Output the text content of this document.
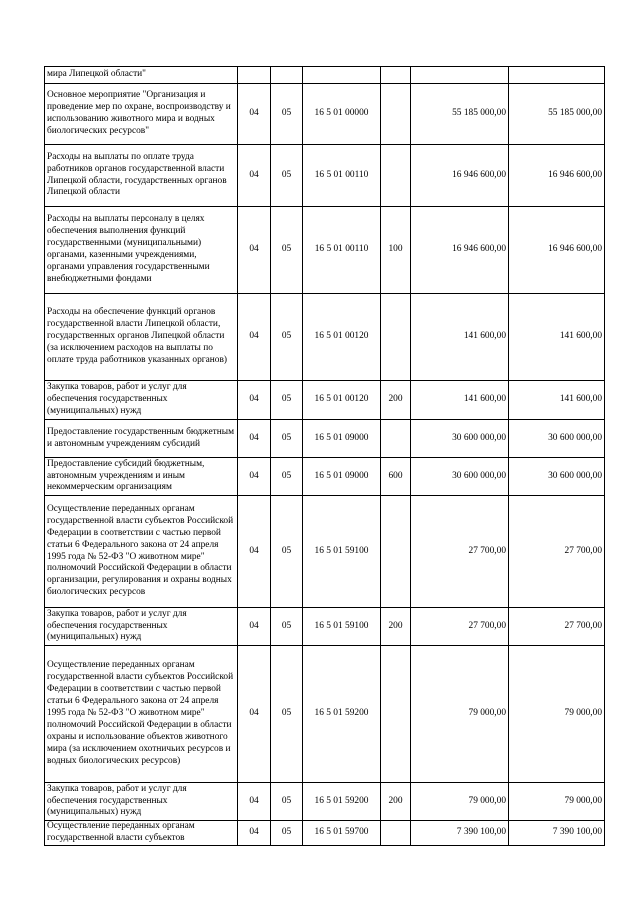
мира Липецкой области"						
Основное мероприятие "Организация и проведение мер по охране, воспроизводству и использованию животного мира и водных биологических ресурсов"	04	05	16 5 01 00000		55 185 000,00	55 185 000,00
Расходы на выплаты по оплате труда работников органов государственной власти Липецкой области, государственных органов Липецкой области	04	05	16 5 01 00110		16 946 600,00	16 946 600,00
Расходы на выплаты персоналу в целях обеспечения выполнения функций государственными (муниципальными) органами, казенными учреждениями, органами управления государственными внебюджетными фондами	04	05	16 5 01 00110	100	16 946 600,00	16 946 600,00
Расходы на обеспечение функций органов государственной власти Липецкой области, государственных органов Липецкой области (за исключением расходов на выплаты по оплате труда работников указанных органов)	04	05	16 5 01 00120		141 600,00	141 600,00
Закупка товаров, работ и услуг для обеспечения государственных (муниципальных) нужд	04	05	16 5 01 00120	200	141 600,00	141 600,00
Предоставление государственным бюджетным и автономным учреждениям субсидий	04	05	16 5 01 09000		30 600 000,00	30 600 000,00
Предоставление субсидий бюджетным, автономным учреждениям и иным некоммерческим организациям	04	05	16 5 01 09000	600	30 600 000,00	30 600 000,00
Осуществление переданных органам государственной власти субъектов Российской Федерации в соответствии с частью первой статьи 6 Федерального закона от 24 апреля 1995 года № 52-ФЗ "О животном мире" полномочий Российской Федерации в области организации, регулирования и охраны водных биологических ресурсов	04	05	16 5 01 59100		27 700,00	27 700,00
Закупка товаров, работ и услуг для обеспечения государственных (муниципальных) нужд	04	05	16 5 01 59100	200	27 700,00	27 700,00
Осуществление переданных органам государственной власти субъектов Российской Федерации в соответствии с частью первой статьи 6 Федерального закона от 24 апреля 1995 года № 52-ФЗ "О животном мире" полномочий Российской Федерации в области охраны и использование объектов животного мира (за исключением охотничьих ресурсов и водных биологических ресурсов)	04	05	16 5 01 59200		79 000,00	79 000,00
Закупка товаров, работ и услуг для обеспечения государственных (муниципальных) нужд	04	05	16 5 01 59200	200	79 000,00	79 000,00
Осуществление переданных органам государственной власти субъектов	04	05	16 5 01 59700		7 390 100,00	7 390 100,00
